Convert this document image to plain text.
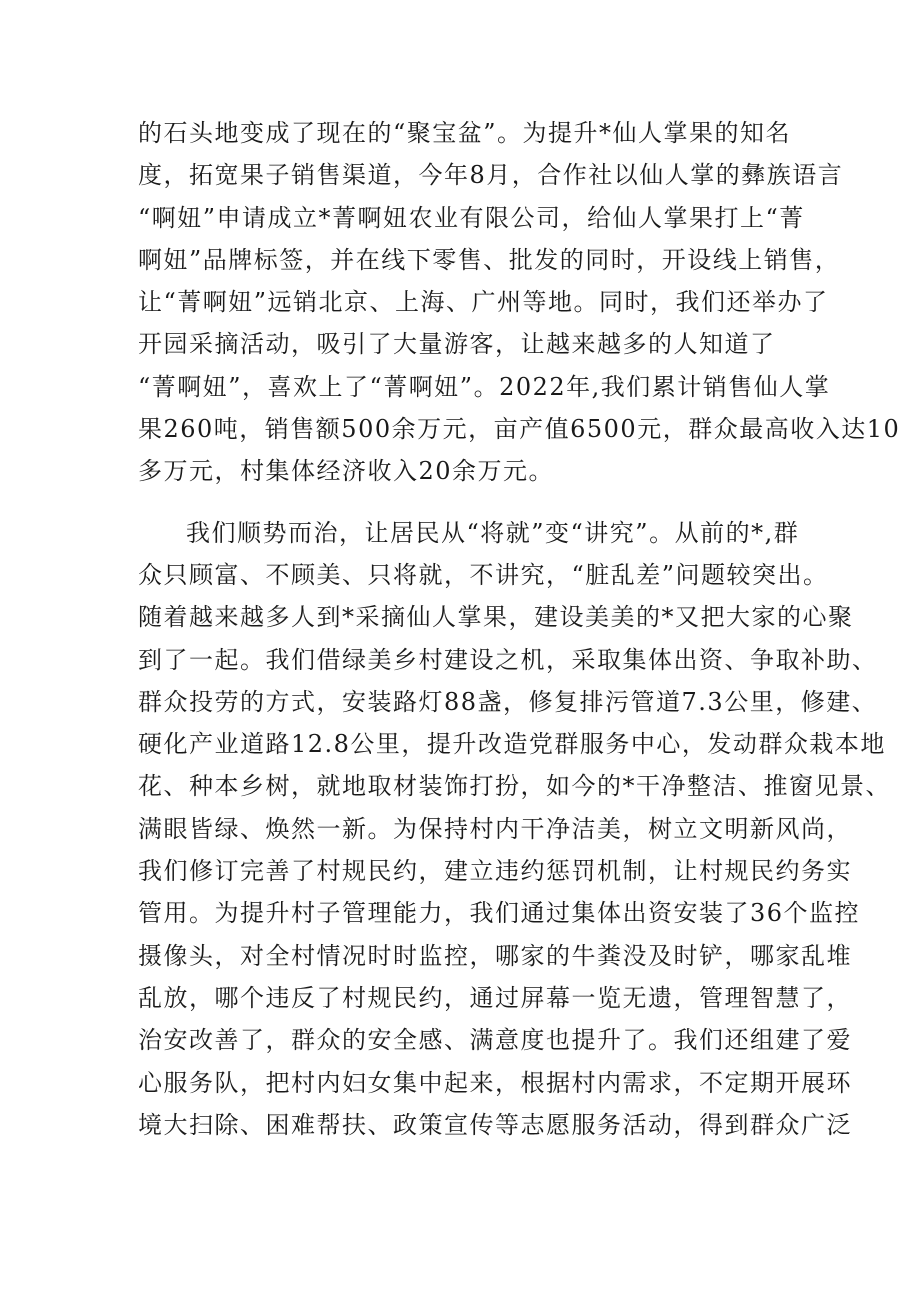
的石头地变成了现在的“聚宝盆”。为提升*仙人掌果的知名
度，拓宽果子销售渠道，今年8月，合作社以仙人掌的彝族语言
“啊妞”申请成立*菁啊妞农业有限公司，给仙人掌果打上“菁
啊妞”品牌标签，并在线下零售、批发的同时，开设线上销售，
让“菁啊妞”远销北京、上海、广州等地。同时，我们还举办了
开园采摘活动，吸引了大量游客，让越来越多的人知道了
“菁啊妞”，喜欢上了“菁啊妞”。2022年,我们累计销售仙人掌
果260吨，销售额500余万元，亩产值6500元，群众最高收入达10
多万元，村集体经济收入20余万元。
我们顺势而治，让居民从“将就”变“讲究”。从前的*,群
众只顾富、不顾美、只将就，不讲究，“脏乱差”问题较突出。
随着越来越多人到*采摘仙人掌果，建设美美的*又把大家的心聚
到了一起。我们借绿美乡村建设之机，采取集体出资、争取补助、
群众投劳的方式，安装路灯88盏，修复排污管道7.3公里，修建、
硬化产业道路12.8公里，提升改造党群服务中心，发动群众栽本地
花、种本乡树，就地取材装饰打扮，如今的*干净整洁、推窗见景、
满眼皆绿、焕然一新。为保持村内干净洁美，树立文明新风尚，
我们修订完善了村规民约，建立违约惩罚机制，让村规民约务实
管用。为提升村子管理能力，我们通过集体出资安装了36个监控
摄像头，对全村情况时时监控，哪家的牛粪没及时铲，哪家乱堆
乱放，哪个违反了村规民约，通过屏幕一览无遗，管理智慧了，
治安改善了，群众的安全感、满意度也提升了。我们还组建了爱
心服务队，把村内妇女集中起来，根据村内需求，不定期开展环
境大扫除、困难帮扶、政策宣传等志愿服务活动，得到群众广泛
